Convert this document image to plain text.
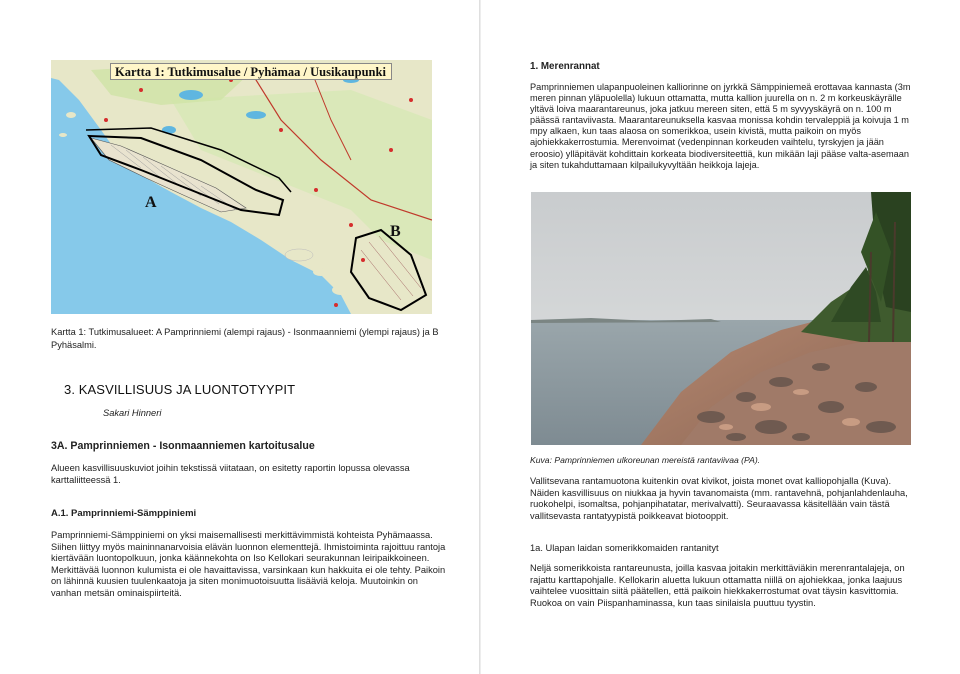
Kartta 1: Tutkimusalue / Pyhämaa / Uusikaupunki
A
B
Kartta 1: Tutkimusalueet: A Pamprinniemi (alempi rajaus) - Isonmaanniemi (ylempi rajaus) ja B Pyhäsalmi.
3. KASVILLISUUS JA LUONTOTYYPIT
Sakari Hinneri
3A. Pamprinniemen - Isonmaanniemen kartoitusalue
Alueen kasvillisuuskuviot joihin tekstissä viitataan, on esitetty raportin lopussa olevassa karttaliitteessä 1.
A.1. Pamprinniemi-Sämppiniemi
Pamprinniemi-Sämppiniemi on yksi maisemallisesti merkittävimmistä kohteista Pyhämaassa. Siihen liittyy myös maininnanarvoisia elävän luonnon elementtejä. Ihmistoiminta rajoittuu rantoja kiertävään luontopolkuun, jonka käännekohta on Iso Kellokari seurakunnan leiripaikkoineen. Merkittävää luonnon kulumista ei ole havaittavissa, varsinkaan kun hakkuita ei ole tehty. Paikoin on lähinnä kuusien tuulenkaatoja ja siten monimuotoisuutta lisääviä keloja. Muutoinkin on vanhan metsän ominaispiirteitä.
1. Merenrannat
Pamprinniemen ulapanpuoleinen kalliorinne on jyrkkä Sämppiniemeä erottavaa kannasta (3m meren pinnan yläpuolella) lukuun ottamatta, mutta kallion juurella on n. 2 m korkeuskäyrälle yltävä loiva maarantareunus, joka jatkuu mereen siten, että 5 m syvyyskäyrä on n. 100 m päässä rantaviivasta. Maarantareunuksella kasvaa monissa kohdin tervaleppiä ja koivuja 1 m mpy alkaen, kun taas alaosa on somerikkoa, usein kivistä, mutta paikoin on myös ajohiekkakerrostumia. Merenvoimat (vedenpinnan korkeuden vaihtelu, tyrskyjen ja jään eroosio) ylläpitävät kohdittain korkeata biodiversiteettiä, kun mikään laji pääse valta-asemaan ja siten tukahduttamaan kilpailukyvyltään heikkoja lajeja.
Kuva: Pamprinniemen ulkoreunan mereistä rantaviivaa (PA).
Vallitsevana rantamuotona kuitenkin ovat kivikot, joista monet ovat kalliopohjalla (Kuva). Näiden kasvillisuus on niukkaa ja hyvin tavanomaista (mm. rantavehnä, pohjanlahdenlauha, ruokohelpi, isomaltsa, pohjanpihatatar, merivalvatti). Seuraavassa käsitellään vain tästä vallitsevasta rantatyypistä poikkeavat biotooppit.
1a. Ulapan laidan somerikkomaiden rantanityt
Neljä somerikkoista rantareunusta, joilla kasvaa joitakin merkittäviäkin merenrantalajeja, on rajattu karttapohjalle. Kellokarin aluetta lukuun ottamatta niillä on ajohiekkaa, jonka laajuus vaihtelee vuosittain siitä päätellen, että paikoin hiekkakerrostumat ovat täysin kasvittomia. Ruokoa on vain Piispanhaminassa, kun taas sinilaisla puuttuu tyystin.
